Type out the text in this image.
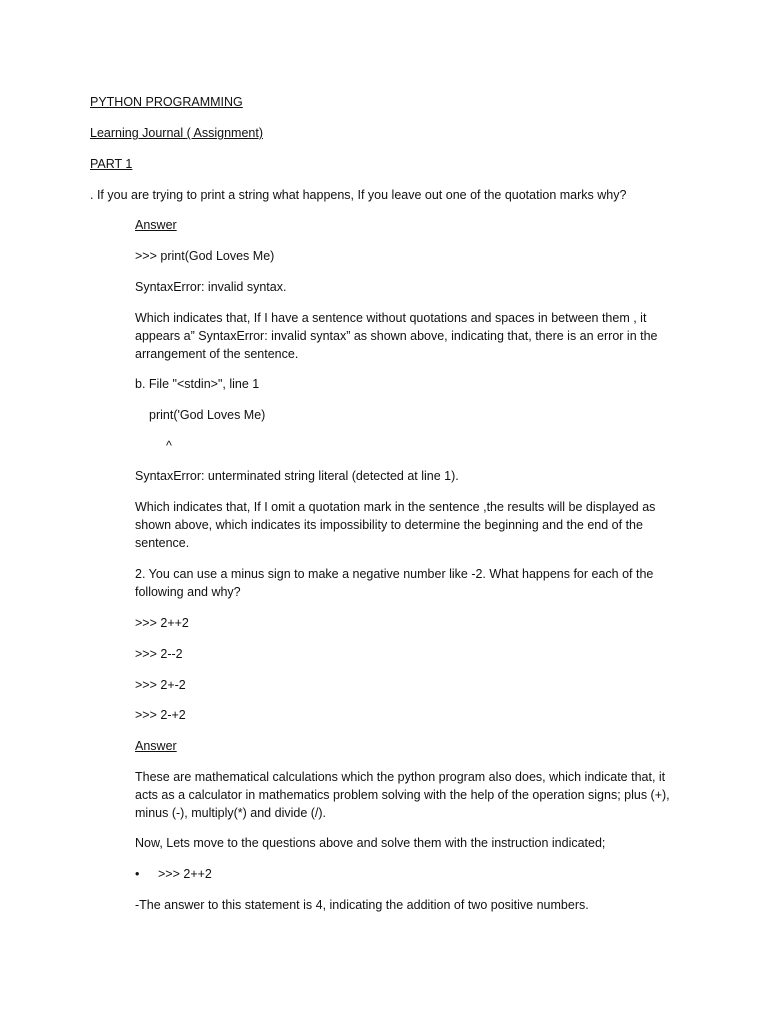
PYTHON PROGRAMMING
Learning Journal ( Assignment)
PART 1
. If you are trying to print a string what happens, If you leave out one of the quotation marks why?
Answer
>>> print(God Loves Me)
SyntaxError: invalid syntax.
Which indicates that, If I have a sentence without quotations and spaces in between them , it appears a” SyntaxError: invalid syntax” as shown above, indicating that, there is an error in the arrangement of the sentence.
b. File "<stdin>", line 1
print('God Loves Me)
^
SyntaxError: unterminated string literal (detected at line 1).
Which indicates that, If I omit a quotation mark in the sentence ,the results will be displayed as shown above, which indicates its impossibility to determine the beginning and the end of the sentence.
2. You can use a minus sign to make a negative number like -2. What happens for each of the following and why?
>>> 2++2
>>> 2--2
>>> 2+-2
>>> 2-+2
Answer
These are mathematical calculations which the python program also does, which indicate that, it acts as a calculator in mathematics problem solving with the help of the operation signs; plus (+), minus (-), multiply(*) and divide (/).
Now, Lets move to the questions above and solve them with the instruction indicated;
• >>> 2++2
-The answer to this statement is 4, indicating the addition of two positive numbers.
